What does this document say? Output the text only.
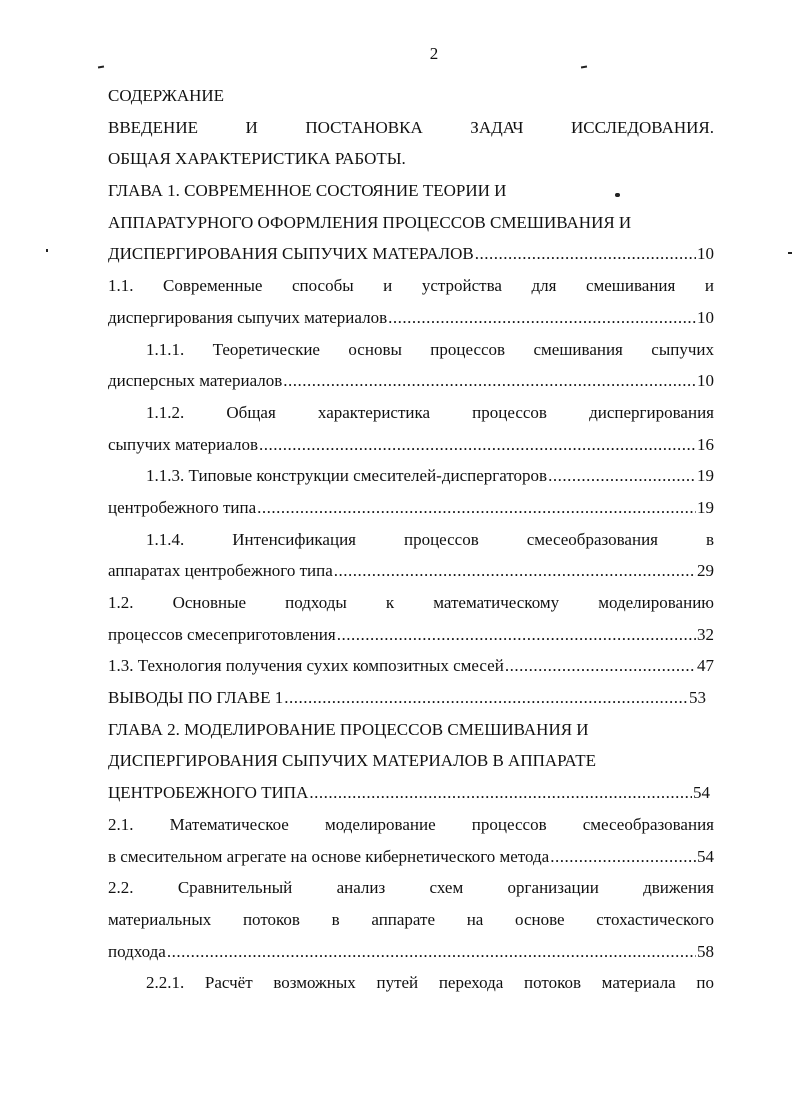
2
СОДЕРЖАНИЕ
ВВЕДЕНИЕ И ПОСТАНОВКА ЗАДАЧ ИССЛЕДОВАНИЯ.
ОБЩАЯ ХАРАКТЕРИСТИКА РАБОТЫ.
ГЛАВА 1. СОВРЕМЕННОЕ СОСТОЯНИЕ ТЕОРИИ И
АППАРАТУРНОГО ОФОРМЛЕНИЯ ПРОЦЕССОВ СМЕШИВАНИЯ И
ДИСПЕРГИРОВАНИЯ СЫПУЧИХ МАТЕРАЛОВ .....	10
1.1. Современные способы и устройства для смешивания и
диспергирования сыпучих материалов .....	10
1.1.1. Теоретические основы процессов смешивания сыпучих
дисперсных материалов .....	10
1.1.2. Общая характеристика процессов диспергирования
сыпучих материалов .....	16
1.1.3. Типовые конструкции смесителей-диспергаторов .....	19
центробежного типа .....	19
1.1.4. Интенсификация процессов смесеобразования в
аппаратах центробежного типа .....	29
1.2. Основные подходы к математическому моделированию
процессов смесеприготовления .....	32
1.3. Технология получения сухих композитных смесей .....	47
ВЫВОДЫ ПО ГЛАВЕ 1 .....	53
ГЛАВА 2. МОДЕЛИРОВАНИЕ ПРОЦЕССОВ СМЕШИВАНИЯ И
ДИСПЕРГИРОВАНИЯ СЫПУЧИХ МАТЕРИАЛОВ В АППАРАТЕ
ЦЕНТРОБЕЖНОГО ТИПА .....	54
2.1. Математическое моделирование процессов смесеобразования
в смесительном агрегате на основе кибернетического метода .....	54
2.2. Сравнительный анализ схем организации движения
материальных потоков в аппарате на основе стохастического
подхода .....	58
2.2.1. Расчёт возможных путей перехода потоков материала по
